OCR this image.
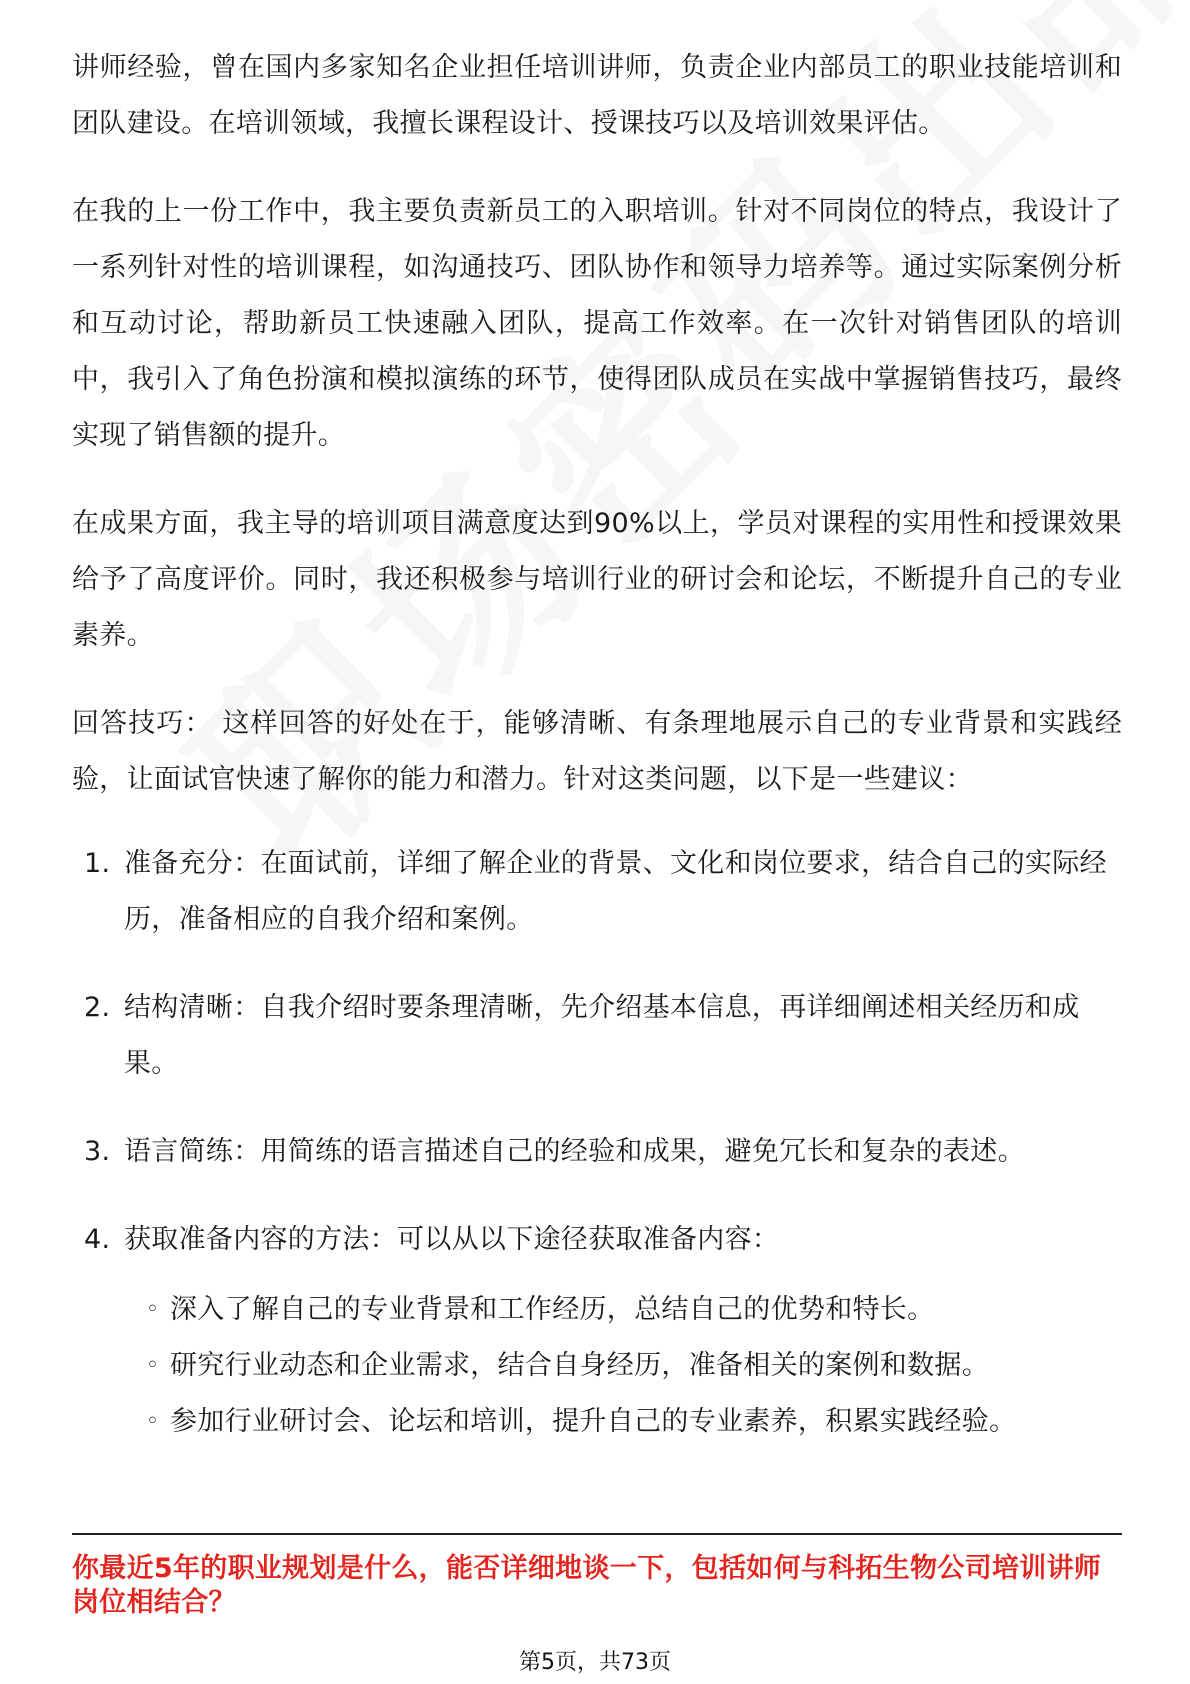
讲师经验，曾在国内多家知名企业担任培训讲师，负责企业内部员工的职业技能培训和团队建设。在培训领域，我擅长课程设计、授课技巧以及培训效果评估。

在我的上一份工作中，我主要负责新员工的入职培训。针对不同岗位的特点，我设计了一系列针对性的培训课程，如沟通技巧、团队协作和领导力培养等。通过实际案例分析和互动讨论，帮助新员工快速融入团队，提高工作效率。在一次针对销售团队的培训中，我引入了角色扮演和模拟演练的环节，使得团队成员在实战中掌握销售技巧，最终实现了销售额的提升。

在成果方面，我主导的培训项目满意度达到90%以上，学员对课程的实用性和授课效果给予了高度评价。同时，我还积极参与培训行业的研讨会和论坛，不断提升自己的专业素养。

回答技巧： 这样回答的好处在于，能够清晰、有条理地展示自己的专业背景和实践经验，让面试官快速了解你的能力和潜力。针对这类问题，以下是一些建议：

1. 准备充分：在面试前，详细了解企业的背景、文化和岗位要求，结合自己的实际经历，准备相应的自我介绍和案例。
2. 结构清晰：自我介绍时要条理清晰，先介绍基本信息，再详细阐述相关经历和成果。
3. 语言简练：用简练的语言描述自己的经验和成果，避免冗长和复杂的表述。
4. 获取准备内容的方法：可以从以下途径获取准备内容：
◦ 深入了解自己的专业背景和工作经历，总结自己的优势和特长。
◦ 研究行业动态和企业需求，结合自身经历，准备相关的案例和数据。
◦ 参加行业研讨会、论坛和培训，提升自己的专业素养，积累实践经验。
你最近5年的职业规划是什么，能否详细地谈一下，包括如何与科拓生物公司培训讲师岗位相结合？
第5页，共73页
